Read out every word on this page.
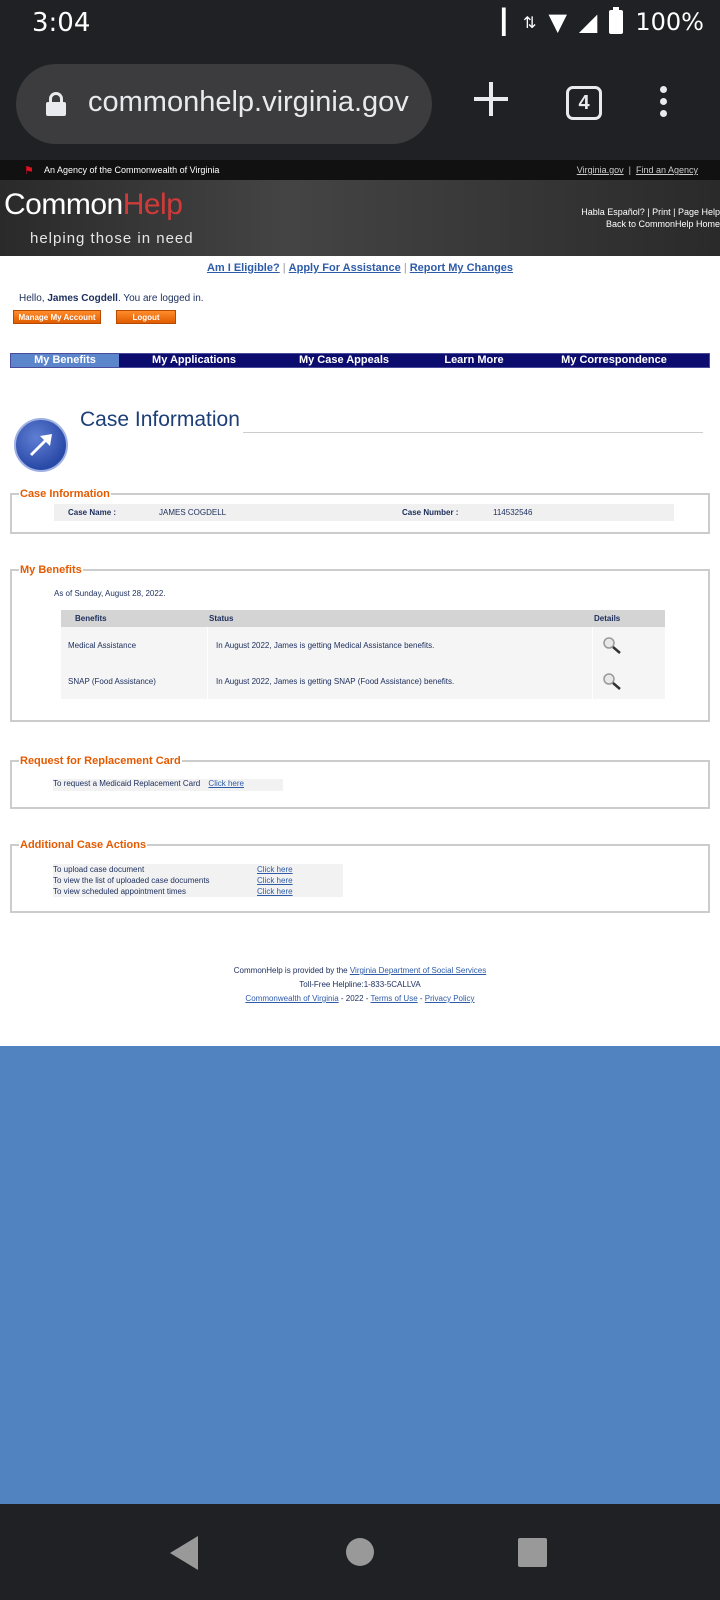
3:04	┃ ⇅ ▼ ◢ 100%
commonhelp.virginia.gov	4
⚑ An Agency of the Commonwealth of Virginia	Virginia.gov  |  Find an Agency
CommonHelp
helping those in need
Habla Español? | Print | Page Help
Back to CommonHelp Home
Am I Eligible? | Apply For Assistance | Report My Changes
Hello, James Cogdell. You are logged in.
Manage My Account	Logout
My Benefits	My Applications	My Case Appeals	Learn More	My Correspondence
Case Information
Case Information
Case Name :	JAMES COGDELL	Case Number :	114532546
My Benefits
As of Sunday, August 28, 2022.
Benefits	Status	Details
Medical Assistance	In August 2022, James is getting Medical Assistance benefits.
SNAP (Food Assistance)	In August 2022, James is getting SNAP (Food Assistance) benefits.
Request for Replacement Card
To request a Medicaid Replacement Card Click here
Additional Case Actions
To upload case document	Click here
To view the list of uploaded case documents	Click here
To view scheduled appointment times	Click here
CommonHelp is provided by the Virginia Department of Social Services
Toll-Free Helpline:1-833-5CALLVA
Commonwealth of Virginia - 2022 - Terms of Use - Privacy Policy
